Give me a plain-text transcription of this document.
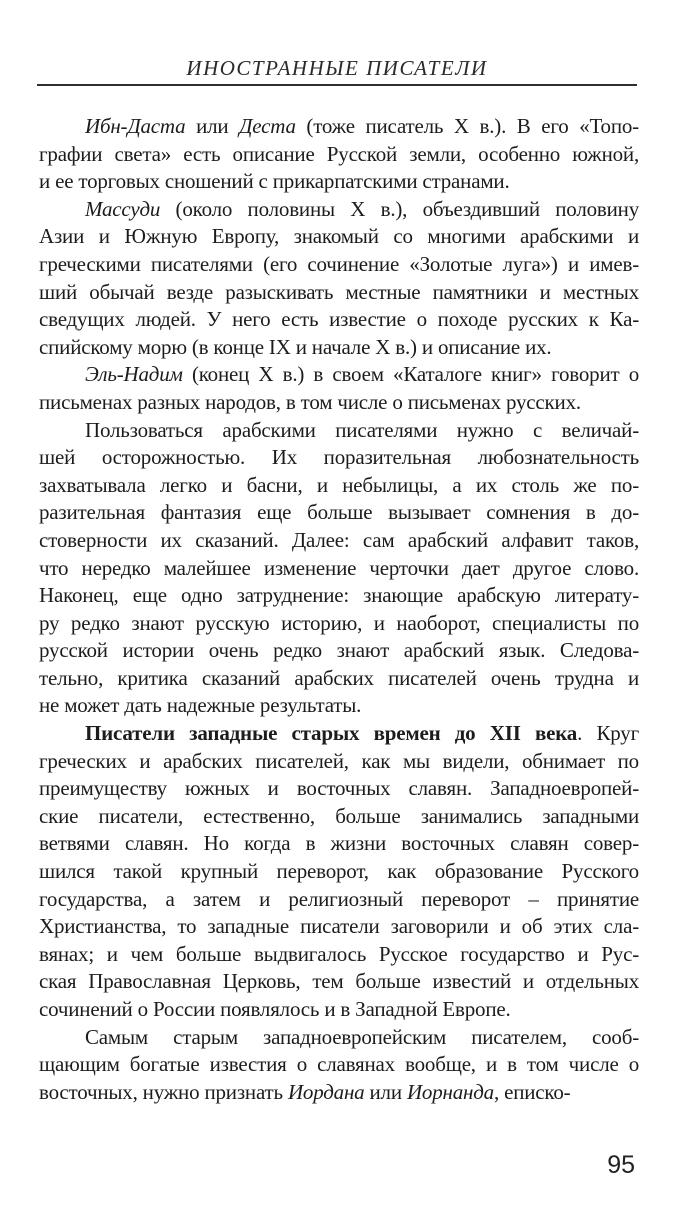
ИНОСТРАННЫЕ ПИСАТЕЛИ

Ибн-Даста или Деста (тоже писатель X в.). В его «Топо-
графии света» есть описание Русской земли, особенно южной,
и ее торговых сношений с прикарпатскими странами.

Массуди (около половины X в.), объездивший половину
Азии и Южную Европу, знакомый со многими арабскими и
греческими писателями (его сочинение «Золотые луга») и имев-
ший обычай везде разыскивать местные памятники и местных
сведущих людей. У него есть известие о походе русских к Ка-
спийскому морю (в конце IX и начале X в.) и описание их.

Эль-Надим (конец X в.) в своем «Каталоге книг» говорит о
письменах разных народов, в том числе о письменах русских.

Пользоваться арабскими писателями нужно с величай-
шей осторожностью. Их поразительная любознательность
захватывала легко и басни, и небылицы, а их столь же по-
разительная фантазия еще больше вызывает сомнения в до-
стоверности их сказаний. Далее: сам арабский алфавит таков,
что нередко малейшее изменение черточки дает другое слово.
Наконец, еще одно затруднение: знающие арабскую литерату-
ру редко знают русскую историю, и наоборот, специалисты по
русской истории очень редко знают арабский язык. Следова-
тельно, критика сказаний арабских писателей очень трудна и
не может дать надежные результаты.

Писатели западные старых времен до XII века. Круг
греческих и арабских писателей, как мы видели, обнимает по
преимуществу южных и восточных славян. Западноевропей-
ские писатели, естественно, больше занимались западными
ветвями славян. Но когда в жизни восточных славян совер-
шился такой крупный переворот, как образование Русского
государства, а затем и религиозный переворот – принятие
Христианства, то западные писатели заговорили и об этих сла-
вянах; и чем больше выдвигалось Русское государство и Рус-
ская Православная Церковь, тем больше известий и отдельных
сочинений о России появлялось и в Западной Европе.

Самым старым западноевропейским писателем, сооб-
щающим богатые известия о славянах вообще, и в том числе о
восточных, нужно признать Иордана или Иорнанда, еписко-

95
